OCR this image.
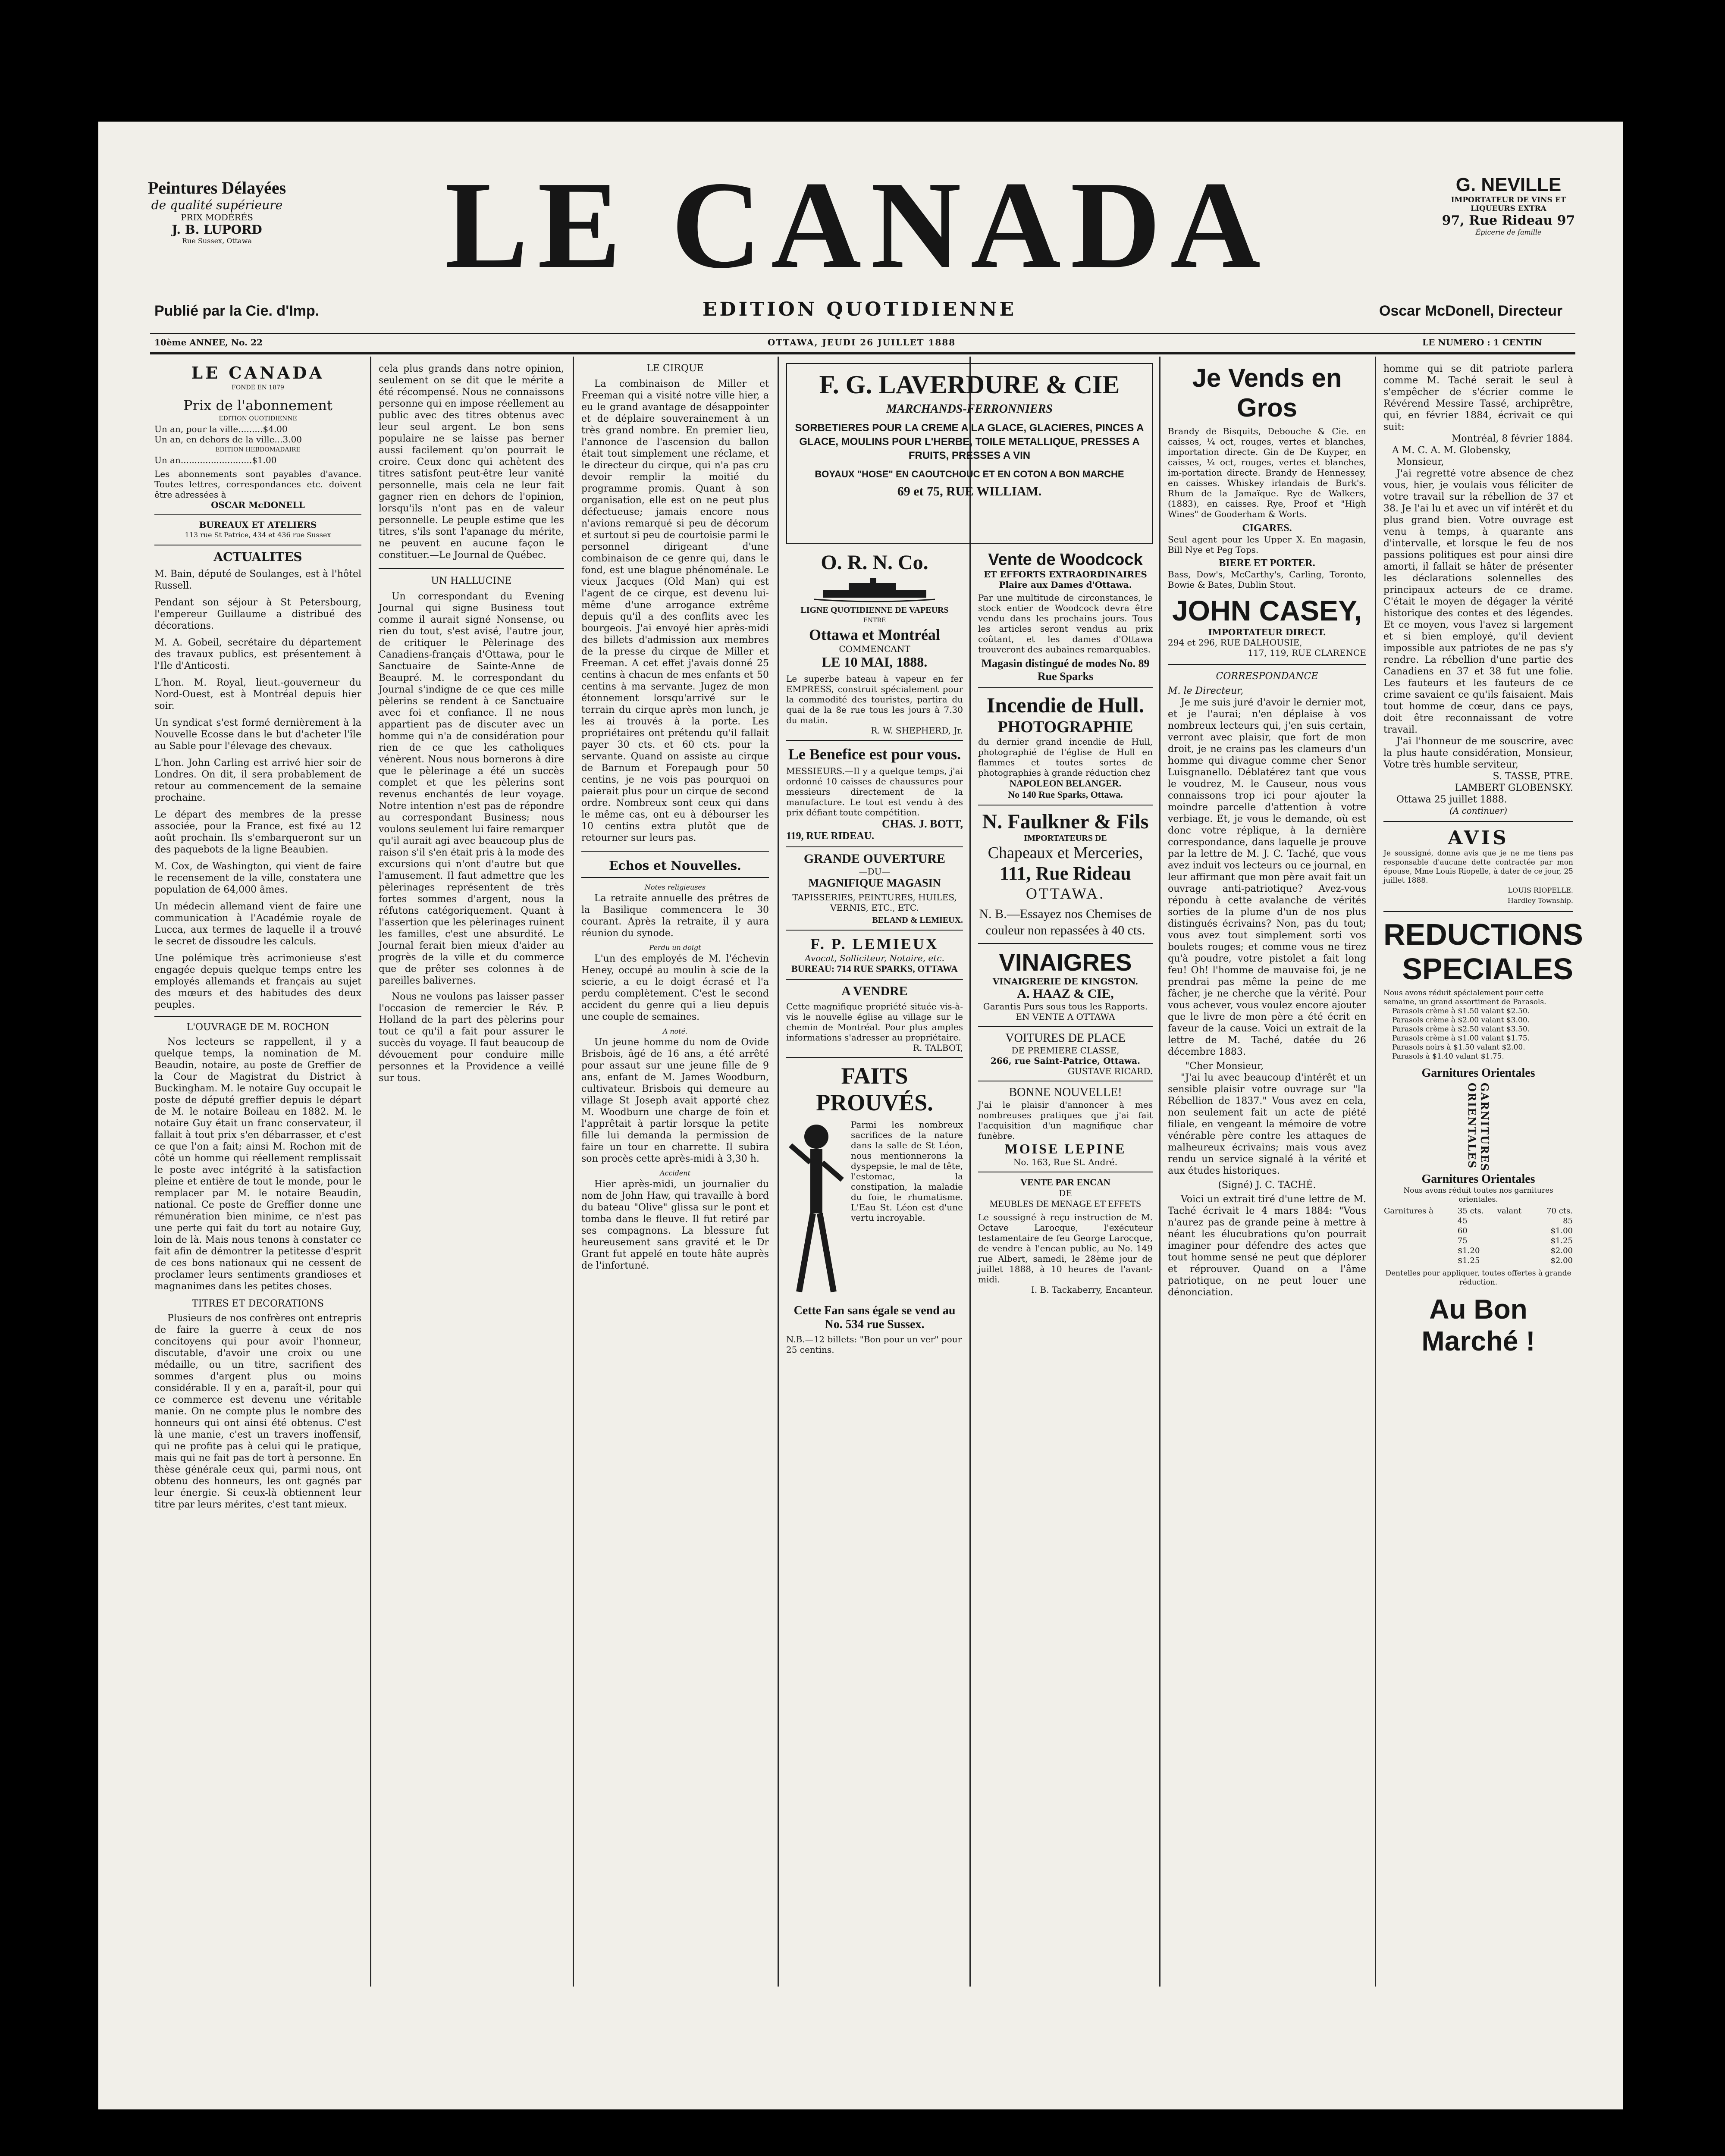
Peintures Délayées
de qualité supérieure
PRIX MODÉRÉS
J. B. LUPORD
Rue Sussex, Ottawa	LE CANADA	G. NEVILLE
IMPORTATEUR DE VINS ET
LIQUEURS EXTRA
97, Rue Rideau 97
Épicerie de famille
Publié par la Cie. d'Imp.	EDITION QUOTIDIENNE	Oscar McDonell, Directeur
10ème ANNEE, No. 22	OTTAWA, JEUDI 26 JUILLET 1888	LE NUMERO : 1 CENTIN
LE CANADA
FONDÉ EN 1879
Prix de l'abonnement
EDITION QUOTIDIENNE
Un an, pour la ville.........$4.00
Un an, en dehors de la ville...3.00
EDITION HEBDOMADAIRE
Un an..........................$1.00
Les abonnements sont payables d'avance. Toutes lettres, correspondances etc. doivent être adressées à
OSCAR McDONELL
BUREAUX ET ATELIERS
113 rue St Patrice, 434 et 436 rue Sussex
ACTUALITES
M. Bain, député de Soulanges, est à l'hôtel Russell.
Pendant son séjour à St Petersbourg, l'empereur Guillaume a distribué des décorations.
M. A. Gobeil, secrétaire du département des travaux publics, est présentement à l'Ile d'Anticosti.
L'hon. M. Royal, lieut.-gouverneur du Nord-Ouest, est à Montréal depuis hier soir.
Un syndicat s'est formé dernièrement à la Nouvelle Ecosse dans le but d'acheter l'île au Sable pour l'élevage des chevaux.
L'hon. John Carling est arrivé hier soir de Londres. On dit, il sera probablement de retour au commencement de la semaine prochaine.
Le départ des membres de la presse associée, pour la France, est fixé au 12 août prochain. Ils s'embarqueront sur un des paquebots de la ligne Beaubien.
M. Cox, de Washington, qui vient de faire le recensement de la ville, constatera une population de 64,000 âmes.
Un médecin allemand vient de faire une communication à l'Académie royale de Lucca, aux termes de laquelle il a trouvé le secret de dissoudre les calculs.
Une polémique très acrimonieuse s'est engagée depuis quelque temps entre les employés allemands et français au sujet des mœurs et des habitudes des deux peuples.
L'OUVRAGE DE M. ROCHON
Nos lecteurs se rappellent, il y a quelque temps, la nomination de M. Beaudin, notaire, au poste de Greffier de la Cour de Magistrat du District à Buckingham. M. le notaire Guy occupait le poste de député greffier depuis le départ de M. le notaire Boileau en 1882. M. le notaire Guy était un franc conservateur, il fallait à tout prix s'en débarrasser, et c'est ce que l'on a fait; ainsi M. Rochon mit de côté un homme qui réellement remplissait le poste avec intégrité à la satisfaction pleine et entière de tout le monde, pour le remplacer par M. le notaire Beaudin, national. Ce poste de Greffier donne une rémunération bien minime, ce n'est pas une perte qui fait du tort au notaire Guy, loin de là. Mais nous tenons à constater ce fait afin de démontrer la petitesse d'esprit de ces bons nationaux qui ne cessent de proclamer leurs sentiments grandioses et magnanimes dans les petites choses.
TITRES ET DECORATIONS
Plusieurs de nos confrères ont entrepris de faire la guerre à ceux de nos concitoyens qui pour avoir l'honneur, discutable, d'avoir une croix ou une médaille, ou un titre, sacrifient des sommes d'argent plus ou moins considérable. Il y en a, paraît-il, pour qui ce commerce est devenu une véritable manie. On ne compte plus le nombre des honneurs qui ont ainsi été obtenus. C'est là une manie, c'est un travers inoffensif, qui ne profite pas à celui qui le pratique, mais qui ne fait pas de tort à personne. En thèse générale ceux qui, parmi nous, ont obtenu des honneurs, les ont gagnés par leur énergie. Si ceux-là obtiennent leur titre par leurs mérites, c'est tant mieux.
cela plus grands dans notre opinion, seulement on se dit que le mérite a été récompensé. Nous ne connaissons personne qui en impose réellement au public avec des titres obtenus avec leur seul argent. Le bon sens populaire ne se laisse pas berner aussi facilement qu'on pourrait le croire. Ceux donc qui achètent des titres satisfont peut-être leur vanité personnelle, mais cela ne leur fait gagner rien en dehors de l'opinion, lorsqu'ils n'ont pas en de valeur personnelle. Le peuple estime que les titres, s'ils sont l'apanage du mérite, ne peuvent en aucune façon le constituer.—Le Journal de Québec.
UN HALLUCINE
Un correspondant du Evening Journal qui signe Business tout comme il aurait signé Nonsense, ou rien du tout, s'est avisé, l'autre jour, de critiquer le Pèlerinage des Canadiens-français d'Ottawa, pour le Sanctuaire de Sainte-Anne de Beaupré. M. le correspondant du Journal s'indigne de ce que ces mille pèlerins se rendent à ce Sanctuaire avec foi et confiance. Il ne nous appartient pas de discuter avec un homme qui n'a de considération pour rien de ce que les catholiques vénèrent. Nous nous bornerons à dire que le pèlerinage a été un succès complet et que les pèlerins sont revenus enchantés de leur voyage. Notre intention n'est pas de répondre au correspondant Business; nous voulons seulement lui faire remarquer qu'il aurait agi avec beaucoup plus de raison s'il s'en était pris à la mode des excursions qui n'ont d'autre but que l'amusement. Il faut admettre que les pèlerinages représentent de très fortes sommes d'argent, nous la réfutons catégoriquement. Quant à l'assertion que les pèlerinages ruinent les familles, c'est une absurdité. Le Journal ferait bien mieux d'aider au progrès de la ville et du commerce que de prêter ses colonnes à de pareilles balivernes.
Nous ne voulons pas laisser passer l'occasion de remercier le Rév. P. Holland de la part des pèlerins pour tout ce qu'il a fait pour assurer le succès du voyage. Il faut beaucoup de dévouement pour conduire mille personnes et la Providence a veillé sur tous.
LE CIRQUE
La combinaison de Miller et Freeman qui a visité notre ville hier, a eu le grand avantage de désappointer et de déplaire souverainement à un très grand nombre. En premier lieu, l'annonce de l'ascension du ballon était tout simplement une réclame, et le directeur du cirque, qui n'a pas cru devoir remplir la moitié du programme promis. Quant à son organisation, elle est on ne peut plus défectueuse; jamais encore nous n'avions remarqué si peu de décorum et surtout si peu de courtoisie parmi le personnel dirigeant d'une combinaison de ce genre qui, dans le fond, est une blague phénoménale. Le vieux Jacques (Old Man) qui est l'agent de ce cirque, est devenu lui-même d'une arrogance extrême depuis qu'il a des conflits avec les bourgeois. J'ai envoyé hier après-midi des billets d'admission aux membres de la presse du cirque de Miller et Freeman. A cet effet j'avais donné 25 centins à chacun de mes enfants et 50 centins à ma servante. Jugez de mon étonnement lorsqu'arrivé sur le terrain du cirque après mon lunch, je les ai trouvés à la porte. Les propriétaires ont prétendu qu'il fallait payer 30 cts. et 60 cts. pour la servante. Quand on assiste au cirque de Barnum et Forepaugh pour 50 centins, je ne vois pas pourquoi on paierait plus pour un cirque de second ordre. Nombreux sont ceux qui dans le même cas, ont eu à débourser les 10 centins extra plutôt que de retourner sur leurs pas.
Echos et Nouvelles.
Notes religieuses
La retraite annuelle des prêtres de la Basilique commencera le 30 courant. Après la retraite, il y aura réunion du synode.
Perdu un doigt
L'un des employés de M. l'échevin Heney, occupé au moulin à scie de la scierie, a eu le doigt écrasé et l'a perdu complètement. C'est le second accident du genre qui a lieu depuis une couple de semaines.
A noté.
Un jeune homme du nom de Ovide Brisbois, âgé de 16 ans, a été arrêté pour assaut sur une jeune fille de 9 ans, enfant de M. James Woodburn, cultivateur. Brisbois qui demeure au village St Joseph avait apporté chez M. Woodburn une charge de foin et l'apprêtait à partir lorsque la petite fille lui demanda la permission de faire un tour en charrette. Il subira son procès cette après-midi à 3,30 h.
Accident
Hier après-midi, un journalier du nom de John Haw, qui travaille à bord du bateau "Olive" glissa sur le pont et tomba dans le fleuve. Il fut retiré par ses compagnons. La blessure fut heureusement sans gravité et le Dr Grant fut appelé en toute hâte auprès de l'infortuné.
F. G. LAVERDURE & CIE
MARCHANDS-FERRONNIERS
SORBETIERES POUR LA CREME A LA GLACE, GLACIERES, PINCES A GLACE, MOULINS POUR L'HERBE, TOILE METALLIQUE, PRESSES A FRUITS, PRESSES A VIN
BOYAUX "HOSE" EN CAOUTCHOUC ET EN COTON A BON MARCHE
69 et 75, RUE WILLIAM.
O. R. N. Co.
LIGNE QUOTIDIENNE DE VAPEURS
ENTRE
Ottawa et Montréal
COMMENCANT
LE 10 MAI, 1888.
Le superbe bateau à vapeur en fer EMPRESS, construit spécialement pour la commodité des touristes, partira du quai de la 8e rue tous les jours à 7.30 du matin.
R. W. SHEPHERD, Jr.
Le Benefice est pour vous.
MESSIEURS.—Il y a quelque temps, j'ai ordonné 10 caisses de chaussures pour messieurs directement de la manufacture. Le tout est vendu à des prix défiant toute compétition.
CHAS. J. BOTT,
119, RUE RIDEAU.
GRANDE OUVERTURE
—DU—
MAGNIFIQUE MAGASIN
TAPISSERIES, PEINTURES, HUILES, VERNIS, ETC., ETC.
BELAND & LEMIEUX.
F. P. LEMIEUX
Avocat, Solliciteur, Notaire, etc.
BUREAU: 714 RUE SPARKS, OTTAWA
A VENDRE
Cette magnifique propriété située vis-à-vis le nouvelle église au village sur le chemin de Montréal. Pour plus amples informations s'adresser au propriétaire.
R. TALBOT,
FAITS PROUVÉS.
Parmi les nombreux sacrifices de la nature dans la salle de St Léon, nous mentionnerons la dyspepsie, le mal de tête, l'estomac, la constipation, la maladie du foie, le rhumatisme. L'Eau St. Léon est d'une vertu incroyable.
Cette Fan sans égale se vend au No. 534 rue Sussex.
N.B.—12 billets: "Bon pour un ver" pour 25 centins.
Vente de Woodcock
ET EFFORTS EXTRAORDINAIRES
Plaire aux Dames d'Ottawa.
Par une multitude de circonstances, le stock entier de Woodcock devra être vendu dans les prochains jours. Tous les articles seront vendus au prix coûtant, et les dames d'Ottawa trouveront des aubaines remarquables.
Magasin distingué de modes No. 89 Rue Sparks
Incendie de Hull.
PHOTOGRAPHIE
du dernier grand incendie de Hull, photographié de l'église de Hull en flammes et toutes sortes de photographies à grande réduction chez
NAPOLEON BELANGER.
No 140 Rue Sparks, Ottawa.
N. Faulkner & Fils
IMPORTATEURS DE
Chapeaux et Merceries,
111, Rue Rideau
OTTAWA.
N. B.—Essayez nos Chemises de couleur non repassées à 40 cts.
VINAIGRES
VINAIGRERIE DE KINGSTON.
A. HAAZ & CIE,
Garantis Purs sous tous les Rapports. EN VENTE A OTTAWA
VOITURES DE PLACE
DE PREMIERE CLASSE,
266, rue Saint-Patrice, Ottawa.
GUSTAVE RICARD.
BONNE NOUVELLE!
J'ai le plaisir d'annoncer à mes nombreuses pratiques que j'ai fait l'acquisition d'un magnifique char funèbre.
MOISE LEPINE
No. 163, Rue St. André.
VENTE PAR ENCAN
DE
MEUBLES DE MENAGE ET EFFETS
Le soussigné à reçu instruction de M. Octave Larocque, l'exécuteur testamentaire de feu George Larocque, de vendre à l'encan public, au No. 149 rue Albert, samedi, le 28ème jour de juillet 1888, à 10 heures de l'avant-midi.
I. B. Tackaberry, Encanteur.
Je Vends en Gros
Brandy de Bisquits, Debouche & Cie. en caisses, ¼ oct, rouges, vertes et blanches, importation directe. Gin de De Kuyper, en caisses, ¼ oct, rouges, vertes et blanches, im-portation directe. Brandy de Hennessey, en caisses. Whiskey irlandais de Burk's. Rhum de la Jamaïque. Rye de Walkers, (1883), en caisses. Rye, Proof et "High Wines" de Gooderham & Worts.
CIGARES.
Seul agent pour les Upper X. En magasin, Bill Nye et Peg Tops.
BIERE ET PORTER.
Bass, Dow's, McCarthy's, Carling, Toronto, Bowie & Bates, Dublin Stout.
JOHN CASEY,
IMPORTATEUR DIRECT.
294 et 296, RUE DALHOUSIE,
117, 119, RUE CLARENCE
CORRESPONDANCE
M. le Directeur,
Je me suis juré d'avoir le dernier mot, et je l'aurai; n'en déplaise à vos nombreux lecteurs qui, j'en suis certain, verront avec plaisir, que fort de mon droit, je ne crains pas les clameurs d'un homme qui divague comme cher Senor Luisgnanello. Déblatérez tant que vous le voudrez, M. le Causeur, nous vous connaissons trop ici pour ajouter la moindre parcelle d'attention à votre verbiage. Et, je vous le demande, où est donc votre réplique, à la dernière correspondance, dans laquelle je prouve par la lettre de M. J. C. Taché, que vous avez induit vos lecteurs ou ce journal, en leur affirmant que mon père avait fait un ouvrage anti-patriotique? Avez-vous répondu à cette avalanche de vérités sorties de la plume d'un de nos plus distingués écrivains? Non, pas du tout; vous avez tout simplement sorti vos boulets rouges; et comme vous ne tirez qu'à poudre, votre pistolet a fait long feu! Oh! l'homme de mauvaise foi, je ne prendrai pas même la peine de me fâcher, je ne cherche que la vérité. Pour vous achever, vous voulez encore ajouter que le livre de mon père a été écrit en faveur de la cause. Voici un extrait de la lettre de M. Taché, datée du 26 décembre 1883.
"Cher Monsieur,
"J'ai lu avec beaucoup d'intérêt et un sensible plaisir votre ouvrage sur "la Rébellion de 1837." Vous avez en cela, non seulement fait un acte de piété filiale, en vengeant la mémoire de votre vénérable père contre les attaques de malheureux écrivains; mais vous avez rendu un service signalé à la vérité et aux études historiques.
(Signé) J. C. TACHÉ.
Voici un extrait tiré d'une lettre de M. Taché écrivait le 4 mars 1884: "Vous n'aurez pas de grande peine à mettre à néant les élucubrations qu'on pourrait imaginer pour défendre des actes que tout homme sensé ne peut que déplorer et réprouver. Quand on a l'âme patriotique, on ne peut louer une dénonciation.
homme qui se dit patriote parlera comme M. Taché serait le seul à s'empêcher de s'écrier comme le Révérend Messire Tassé, archiprêtre, qui, en février 1884, écrivait ce qui suit:
Montréal, 8 février 1884.
A M. C. A. M. Globensky,
Monsieur,
J'ai regretté votre absence de chez vous, hier, je voulais vous féliciter de votre travail sur la rébellion de 37 et 38. Je l'ai lu et avec un vif intérêt et du plus grand bien. Votre ouvrage est venu à temps, à quarante ans d'intervalle, et lorsque le feu de nos passions politiques est pour ainsi dire amorti, il fallait se hâter de présenter les déclarations solennelles des principaux acteurs de ce drame. C'était le moyen de dégager la vérité historique des contes et des légendes. Et ce moyen, vous l'avez si largement et si bien employé, qu'il devient impossible aux patriotes de ne pas s'y rendre. La rébellion d'une partie des Canadiens en 37 et 38 fut une folie. Les fauteurs et les fauteurs de ce crime savaient ce qu'ils faisaient. Mais tout homme de cœur, dans ce pays, doit être reconnaissant de votre travail.
J'ai l'honneur de me souscrire, avec la plus haute considération, Monsieur, Votre très humble serviteur,
S. TASSE, PTRE.
LAMBERT GLOBENSKY.
Ottawa 25 juillet 1888.
(A continuer)
AVIS
Je soussigné, donne avis que je ne me tiens pas responsable d'aucune dette contractée par mon épouse, Mme Louis Riopelle, à dater de ce jour, 25 juillet 1888.
LOUIS RIOPELLE.
Hardley Township.
REDUCTIONS
SPECIALES
Nous avons réduit spécialement pour cette semaine, un grand assortiment de Parasols.
Parasols crème à $1.50 valant $2.50.
Parasols crème à $2.00 valant $3.00.
Parasols crème à $2.50 valant $3.50.
Parasols crème à $1.00 valant $1.75.
Parasols noirs à $1.50 valant $2.00.
Parasols à $1.40 valant $1.75.
Garnitures Orientales
GARNITURES ORIENTALES
Garnitures Orientales
Nous avons réduit toutes nos garnitures orientales.
Garnitures à	35 cts.	valant	70 cts.
	45		85
	60		$1.00
	75		$1.25
	$1.20		$2.00
	$1.25		$2.00
Dentelles pour appliquer, toutes offertes à grande réduction.
Au Bon Marché !
